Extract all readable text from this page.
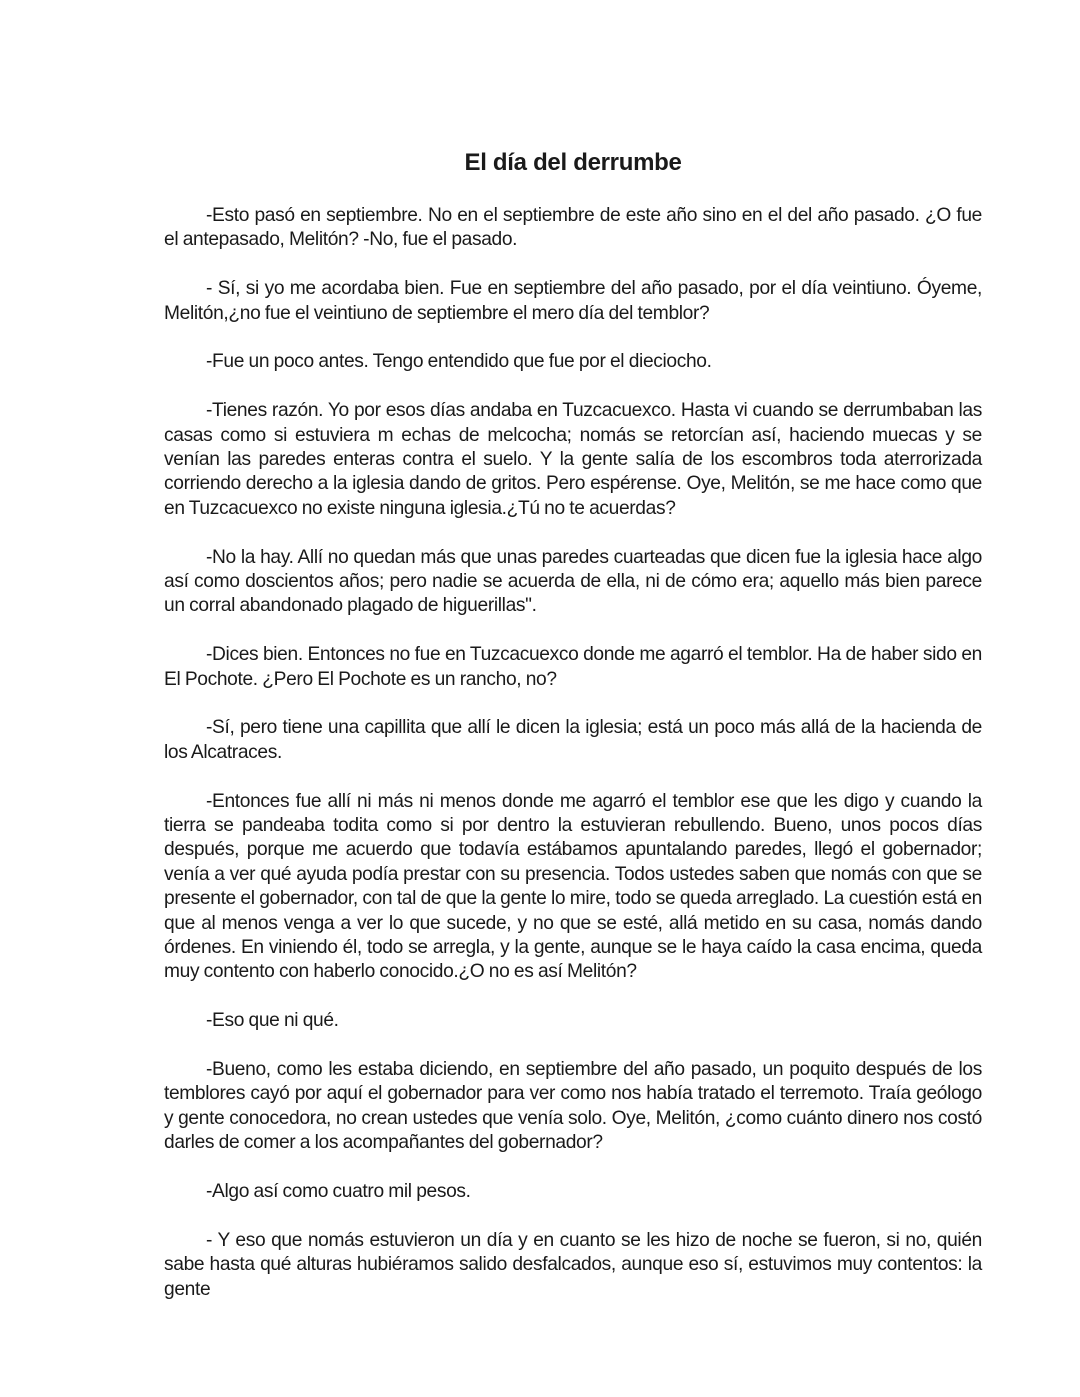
El día del derrumbe

-Esto pasó en septiembre. No en el septiembre de este año sino en el del año pasado. ¿O fue el antepasado, Melitón? -No, fue el pasado.

- Sí, si yo me acordaba bien. Fue en septiembre del año pasado, por el día veintiuno. Óyeme, Melitón,¿no fue el veintiuno de septiembre el mero día del temblor?

-Fue un poco antes. Tengo entendido que fue por el dieciocho.

-Tienes razón. Yo por esos días andaba en Tuzcacuexco. Hasta vi cuando se derrumbaban las casas como si estuviera m echas de melcocha; nomás se retorcían así, haciendo muecas y se venían las paredes enteras contra el suelo. Y la gente salía de los escombros toda aterrorizada corriendo derecho a la iglesia dando de gritos. Pero espérense. Oye, Melitón, se me hace como que en Tuzcacuexco no existe ninguna iglesia.¿Tú no te acuerdas?

-No la hay. Allí no quedan más que unas paredes cuarteadas que dicen fue la iglesia hace algo así como doscientos años; pero nadie se acuerda de ella, ni de cómo era; aquello más bien parece un corral abandonado plagado de higuerillas".

-Dices bien. Entonces no fue en Tuzcacuexco donde me agarró el temblor. Ha de haber sido en El Pochote. ¿Pero El Pochote es un rancho, no?

-Sí, pero tiene una capillita que allí le dicen la iglesia; está un poco más allá de la hacienda de los Alcatraces.

-Entonces fue allí ni más ni menos donde me agarró el temblor ese que les digo y cuando la tierra se pandeaba todita como si por dentro la estuvieran rebullendo. Bueno, unos pocos días después, porque me acuerdo que todavía estábamos apuntalando paredes, llegó el gobernador; venía a ver qué ayuda podía prestar con su presencia. Todos ustedes saben que nomás con que se presente el gobernador, con tal de que la gente lo mire, todo se queda arreglado. La cuestión está en que al menos venga a ver lo que sucede, y no que se esté, allá metido en su casa, nomás dando órdenes. En viniendo él, todo se arregla, y la gente, aunque se le haya caído la casa encima, queda muy contento con haberlo conocido.¿O no es así Melitón?

-Eso que ni qué.

-Bueno, como les estaba diciendo, en septiembre del año pasado, un poquito después de los temblores cayó por aquí el gobernador para ver como nos había tratado el terremoto. Traía geólogo y gente conocedora, no crean ustedes que venía solo. Oye, Melitón, ¿como cuánto dinero nos costó darles de comer a los acompañantes del gobernador?

-Algo así como cuatro mil pesos.

- Y eso que nomás estuvieron un día y en cuanto se les hizo de noche se fueron, si no, quién sabe hasta qué alturas hubiéramos salido desfalcados, aunque eso sí, estuvimos muy contentos: la gente
